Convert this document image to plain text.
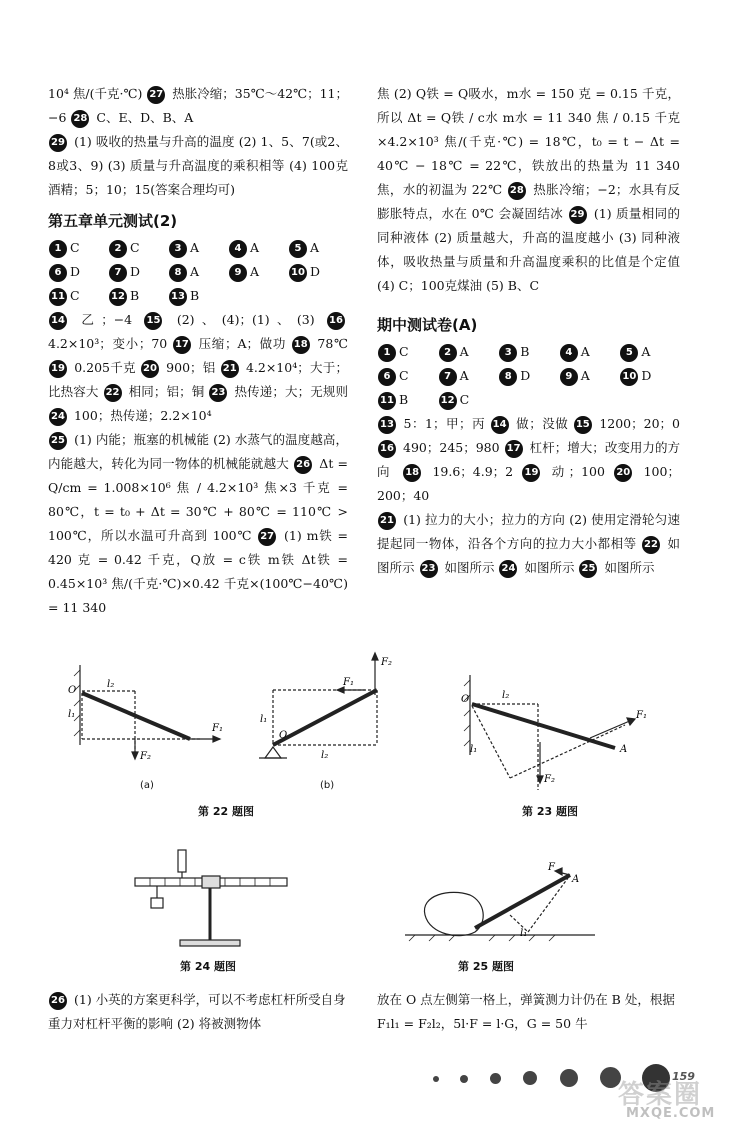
10⁴ 焦/(千克·℃) 27 热胀冷缩；35℃～42℃；11；−6 28 C、E、D、B、A

29 (1) 吸收的热量与升高的温度 (2) 1、5、7(或2、8或3、9) (3) 质量与升高温度的乘积相等 (4) 100克酒精；5；10；15(答案合理均可)

第五章单元测试(2)
1 C	2 C	3 A	4 A	5 A
6 D	7 D	8 A	9 A	10 D
11 C	12 B	13 B

14 乙；−4 15 (2)、(4)；(1)、(3) 16 4.2×10³；变小；70 17 压缩；A；做功 18 78℃ 19 0.205千克 20 900；铝 21 4.2×10⁴；大于；比热容大 22 相同；铝；铜 23 热传递；大；无规则 24 100；热传递；2.2×10⁴

25 (1) 内能；瓶塞的机械能 (2) 水蒸气的温度越高，内能越大，转化为同一物体的机械能就越大 26 Δt = Q/cm = 1.008×10⁶ 焦 / 4.2×10³ 焦×3 千克 = 80℃，t = t₀ + Δt = 30℃ + 80℃ = 110℃ > 100℃，所以水温可升高到 100℃ 27 (1) m铁 = 420 克 = 0.42 千克，Q放 = c铁 m铁 Δt铁 = 0.45×10³ 焦/(千克·℃)×0.42 千克×(100℃−40℃) = 11 340

焦 (2) Q铁 = Q吸水，m水 = 150 克 = 0.15 千克，所以 Δt = Q铁 / c水 m水 = 11 340 焦 / 0.15 千克×4.2×10³ 焦/(千克·℃) = 18℃，t₀ = t − Δt = 40℃ − 18℃ = 22℃，铁放出的热量为 11 340 焦，水的初温为 22℃ 28 热胀冷缩；−2；水具有反膨胀特点，水在 0℃ 会凝固结冰 29 (1) 质量相同的同种液体 (2) 质量越大，升高的温度越小 (3) 同种液体，吸收热量与质量和升高温度乘积的比值是个定值 (4) C；100克煤油 (5) B、C

期中测试卷(A)
1 C	2 A	3 B	4 A	5 A
6 C	7 A	8 D	9 A	10 D
11 B	12 C

13 5：1；甲；丙 14 做；没做 15 1200；20；0 16 490；245；980 17 杠杆；增大；改变用力的方向 18 19.6；4.9；2 19 动；100 20 100；200；40

21 (1) 拉力的大小；拉力的方向 (2) 使用定滑轮匀速提起同一物体，沿各个方向的拉力大小都相等 22 如图所示 23 如图所示 24 如图所示 25 如图所示

O
l₂
l₁
F₁
F₂
(a)
O
l₁
l₂
F₁
F₂
(b)
第 22 题图
O	l₂
l₁
F₁
F₂
A
第 23 题图
第 24 题图
F
A
l₁
第 25 题图
26 (1) 小英的方案更科学，可以不考虑杠杆所受自身重力对杠杆平衡的影响 (2) 将被测物体
放在 O 点左侧第一格上，弹簧测力计仍在 B 处，根据 F₁l₁ = F₂l₂，5l·F = l·G，G = 50 牛
159
答案圈
MXQE.COM
